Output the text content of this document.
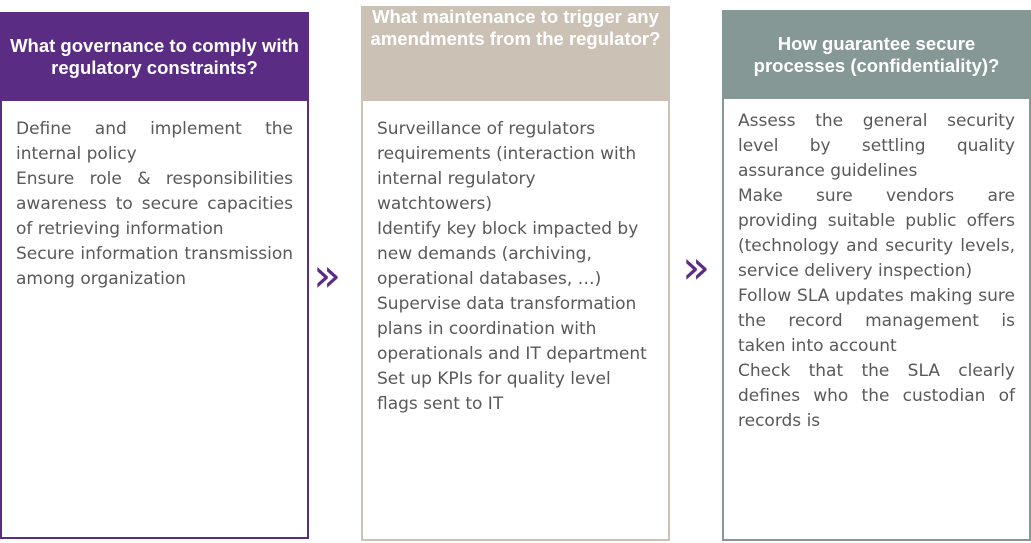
What governance to comply with regulatory constraints?

Define and implement the internal policy

Ensure role & responsibilities awareness to secure capacities of retrieving information

Secure information transmission among organization	»
What maintenance to trigger any amendments from the regulator?

Surveillance of regulators requirements (interaction with internal regulatory watchtowers)

Identify key block impacted by new demands (archiving, operational databases, …)

Supervise data transformation plans in coordination with operationals and IT department

Set up KPIs for quality level flags sent to IT

»
How guarantee secure processes (confidentiality)?

Assess the general security level by settling quality assurance guidelines

Make sure vendors are providing suitable public offers (technology and security levels, service delivery inspection)

Follow SLA updates making sure the record management is taken into account

Check that the SLA clearly defines who the custodian of records is
